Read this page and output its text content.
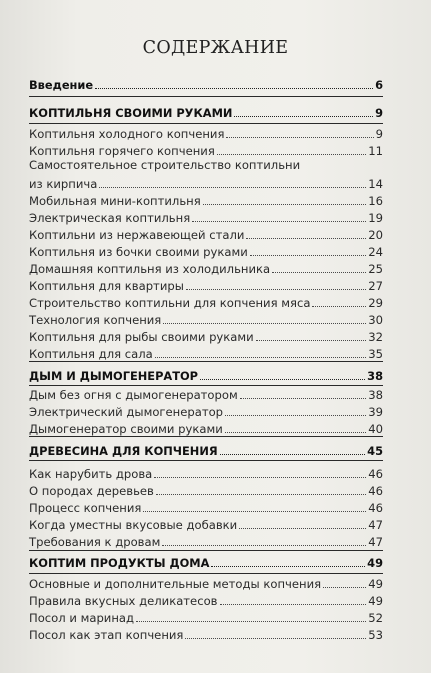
СОДЕРЖАНИЕ
Введение	6
КОПТИЛЬНЯ СВОИМИ РУКАМИ	9
Коптильня холодного копчения	9
Коптильня горячего копчения	11
Самостоятельное строительство коптильни
из кирпича	14
Мобильная мини-коптильня	16
Электрическая коптильня	19
Коптильни из нержавеющей стали	20
Коптильня из бочки своими руками	24
Домашняя коптильня из холодильника	25
Коптильня для квартиры	27
Строительство коптильни для копчения мяса	29
Технология копчения	30
Коптильня для рыбы своими руками	32
Коптильня для сала	35
ДЫМ И ДЫМОГЕНЕРАТОР	38
Дым без огня с дымогенератором	38
Электрический дымогенератор	39
Дымогенератор своими руками	40
ДРЕВЕСИНА ДЛЯ КОПЧЕНИЯ	45
Как нарубить дрова	46
О породах деревьев	46
Процесс копчения	46
Когда уместны вкусовые добавки	47
Требования к дровам	47
КОПТИМ ПРОДУКТЫ ДОМА	49
Основные и дополнительные методы копчения	49
Правила вкусных деликатесов	49
Посол и маринад	52
Посол как этап копчения	53
